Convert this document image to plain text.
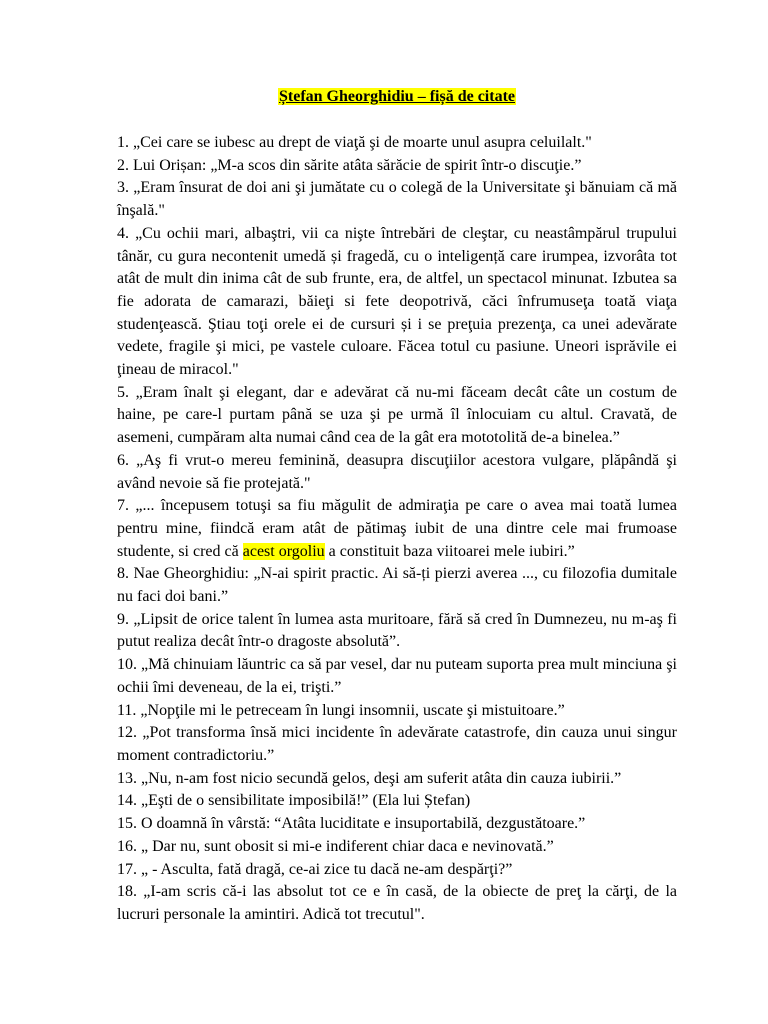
Ștefan Gheorghidiu – fișă de citate

1. „Cei care se iubesc au drept de viaţă şi de moarte unul asupra celuilalt."

2. Lui Orișan: „M-a scos din sărite atâta sărăcie de spirit într-o discuţie.”

3. „Eram însurat de doi ani şi jumătate cu o colegă de la Universitate şi bănuiam că mă înşală."

4. „Cu ochii mari, albaştri, vii ca nişte întrebări de cleştar, cu neastâmpărul trupului tânăr, cu gura necontenit umedă și fragedă, cu o inteligență care irumpea, izvorâta tot atât de mult din inima cât de sub frunte, era, de altfel, un spectacol minunat. Izbutea sa fie adorata de camarazi, băieţi si fete deopotrivă, căci înfrumuseţa toată viaţa studenţească. Ştiau toţi orele ei de cursuri și i se preţuia prezenţa, ca unei adevărate vedete, fragile şi mici, pe vastele culoare. Făcea totul cu pasiune. Uneori isprăvile ei ţineau de miracol."

5. „Eram înalt şi elegant, dar e adevărat că nu-mi făceam decât câte un costum de haine, pe care-l purtam până se uza şi pe urmă îl înlocuiam cu altul. Cravată, de asemeni, cumpăram alta numai când cea de la gât era mototolită de-a binelea.”

6. „Aş fi vrut-o mereu feminină, deasupra discuţiilor acestora vulgare, plăpândă şi având nevoie să fie protejată."

7. „... începusem totuşi sa fiu măgulit de admiraţia pe care o avea mai toată lumea pentru mine, fiindcă eram atât de pătimaş iubit de una dintre cele mai frumoase studente, si cred că acest orgoliu a constituit baza viitoarei mele iubiri.”

8. Nae Gheorghidiu: „N-ai spirit practic. Ai să-ți pierzi averea ..., cu filozofia dumitale nu faci doi bani.”

9. „Lipsit de orice talent în lumea asta muritoare, fără să cred în Dumnezeu, nu m-aş fi putut realiza decât într-o dragoste absolută”.

10. „Mă chinuiam lăuntric ca să par vesel, dar nu puteam suporta prea mult minciuna şi ochii îmi deveneau, de la ei, trişti.”

11. „Nopţile mi le petreceam în lungi insomnii, uscate şi mistuitoare.”

12. „Pot transforma însă mici incidente în adevărate catastrofe, din cauza unui singur moment contradictoriu.”

13. „Nu, n-am fost nicio secundă gelos, deşi am suferit atâta din cauza iubirii.”

14. „Eşti de o sensibilitate imposibilă!” (Ela lui Ștefan)

15. O doamnă în vârstă: “Atâta luciditate e insuportabilă, dezgustătoare.”

16. „ Dar nu, sunt obosit si mi-e indiferent chiar daca e nevinovată.”

17. „ - Asculta, fată dragă, ce-ai zice tu dacă ne-am despărţi?”

18. „I-am scris că-i las absolut tot ce e în casă, de la obiecte de preţ la cărţi, de la lucruri personale la amintiri. Adică tot trecutul".
